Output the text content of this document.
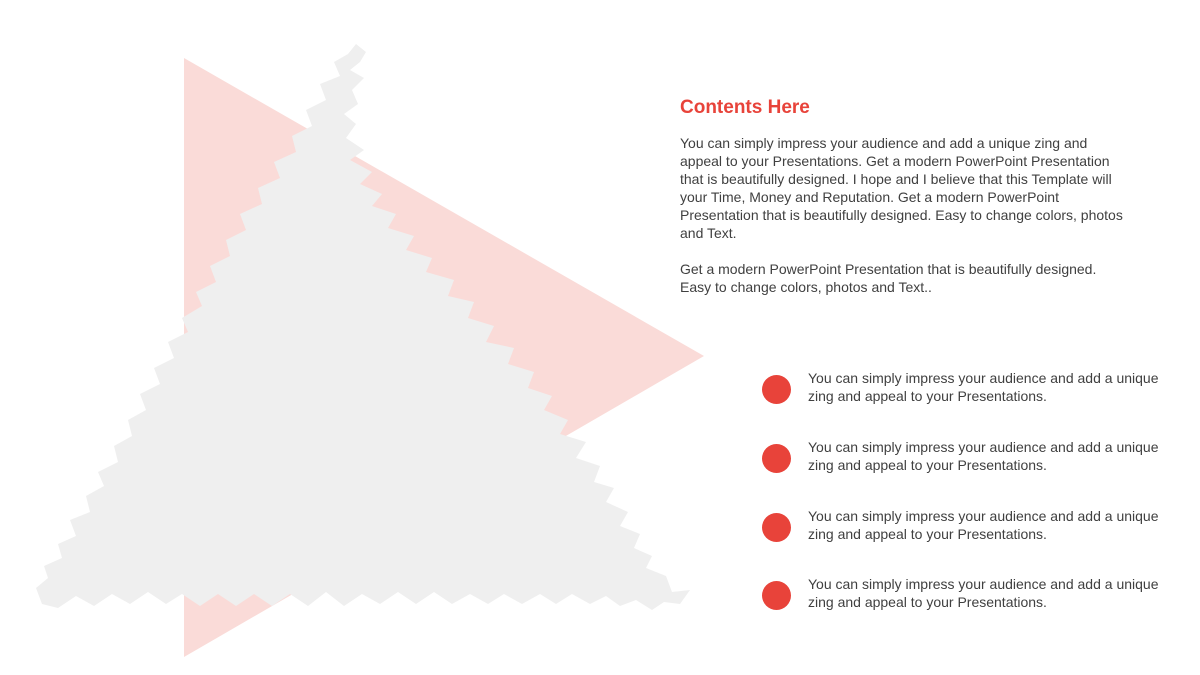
Contents Here

You can simply impress your audience and add a unique zing and appeal to your Presentations. Get a modern PowerPoint Presentation that is beautifully designed. I hope and I believe that this Template will your Time, Money and Reputation. Get a modern PowerPoint Presentation that is beautifully designed. Easy to change colors, photos and Text.

Get a modern PowerPoint Presentation that is beautifully designed. Easy to change colors, photos and Text..

You can simply impress your audience and add a unique zing and appeal to your Presentations.
You can simply impress your audience and add a unique zing and appeal to your Presentations.
You can simply impress your audience and add a unique zing and appeal to your Presentations.
You can simply impress your audience and add a unique zing and appeal to your Presentations.
